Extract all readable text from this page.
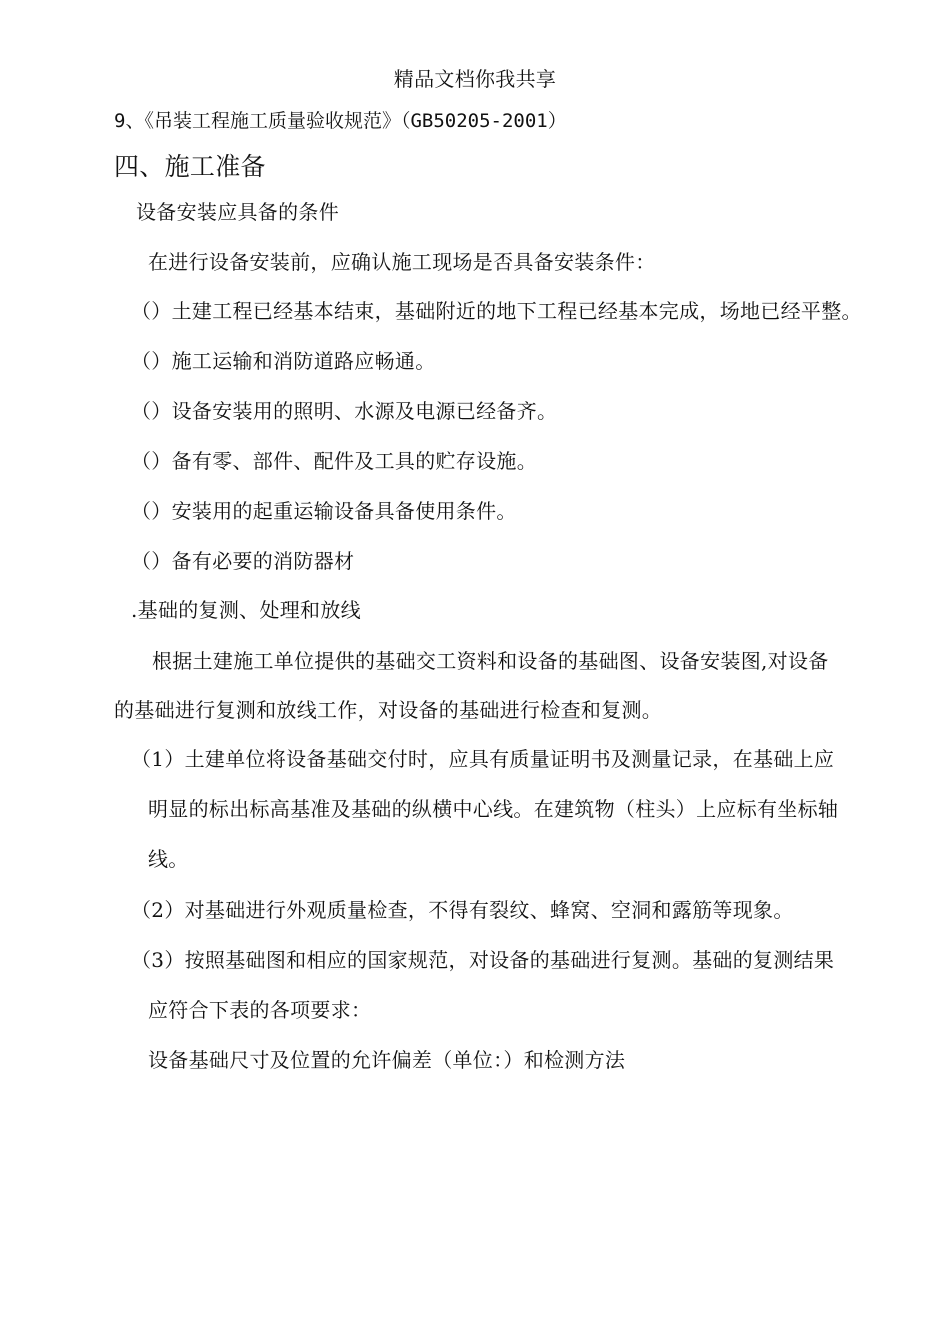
精品文档你我共享
9、《吊装工程施工质量验收规范》（GB50205-2001）
四、施工准备
设备安装应具备的条件
在进行设备安装前，应确认施工现场是否具备安装条件：
（）土建工程已经基本结束，基础附近的地下工程已经基本完成，场地已经平整。
（）施工运输和消防道路应畅通。
（）设备安装用的照明、水源及电源已经备齐。
（）备有零、部件、配件及工具的贮存设施。
（）安装用的起重运输设备具备使用条件。
（）备有必要的消防器材
.基础的复测、处理和放线
根据土建施工单位提供的基础交工资料和设备的基础图、设备安装图,对设备
的基础进行复测和放线工作，对设备的基础进行检查和复测。
（1）土建单位将设备基础交付时，应具有质量证明书及测量记录，在基础上应
明显的标出标高基准及基础的纵横中心线。在建筑物（柱头）上应标有坐标轴
线。
（2）对基础进行外观质量检查，不得有裂纹、蜂窝、空洞和露筋等现象。
（3）按照基础图和相应的国家规范，对设备的基础进行复测。基础的复测结果
应符合下表的各项要求：
设备基础尺寸及位置的允许偏差（单位：）和检测方法
